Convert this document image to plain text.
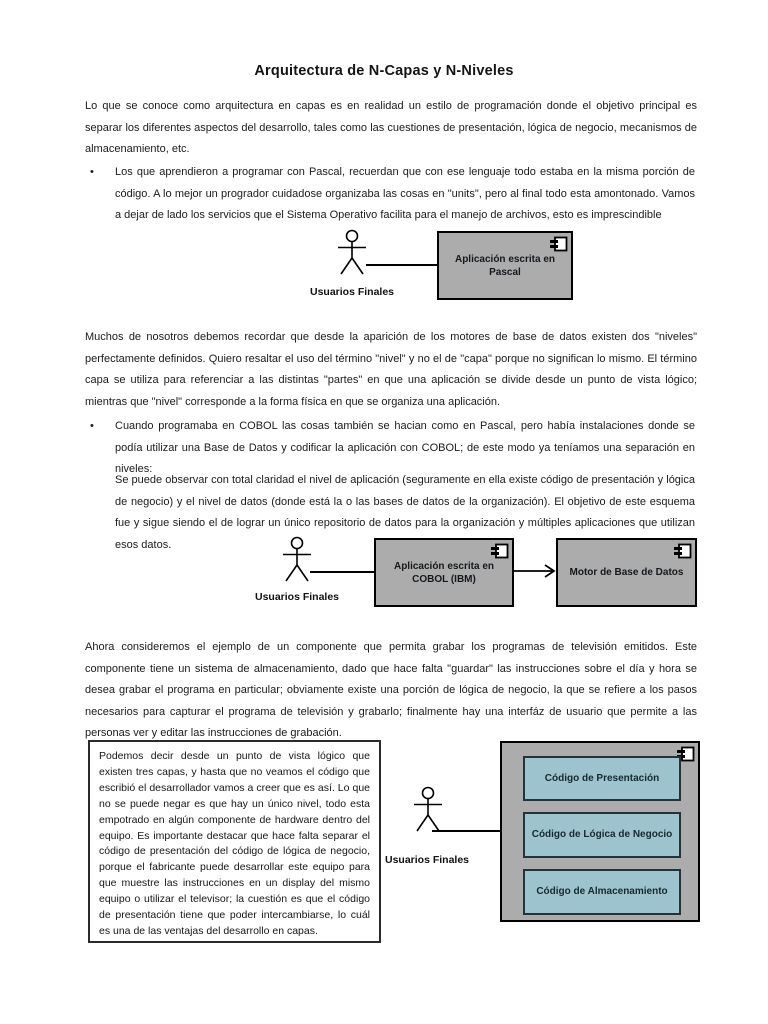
Arquitectura de N-Capas y N-Niveles
Lo que se conoce como arquitectura en capas es en realidad un estilo de programación donde el objetivo principal es separar los diferentes aspectos del desarrollo, tales como las cuestiones de presentación, lógica de negocio, mecanismos de almacenamiento, etc.
• Los que aprendieron a programar con Pascal, recuerdan que con ese lenguaje todo estaba en la misma porción de código. A lo mejor un progrador cuidadose organizaba las cosas en "units", pero al final todo esta amontonado. Vamos a dejar de lado los servicios que el Sistema Operativo facilita para el manejo de archivos, esto es imprescindible
Usuarios Finales
Aplicación escrita en Pascal
Muchos de nosotros debemos recordar que desde la aparición de los motores de base de datos existen dos "niveles" perfectamente definidos. Quiero resaltar el uso del término "nivel" y no el de "capa" porque no significan lo mismo. El término capa se utiliza para referenciar a las distintas "partes" en que una aplicación se divide desde un punto de vista lógico; mientras que "nivel" corresponde a la forma física en que se organiza una aplicación.
• Cuando programaba en COBOL las cosas también se hacian como en Pascal, pero había instalaciones donde se podía utilizar una Base de Datos y codificar la aplicación con COBOL; de este modo ya teníamos una separación en niveles:
Se puede observar con total claridad el nivel de aplicación (seguramente en ella existe código de presentación y lógica de negocio) y el nivel de datos (donde está la o las bases de datos de la organización). El objetivo de este esquema fue y sigue siendo el de lograr un único repositorio de datos para la organización y múltiples aplicaciones que utilizan esos datos.
Usuarios Finales
Aplicación escrita en COBOL (IBM)
Motor de Base de Datos
Ahora consideremos el ejemplo de un componente que permita grabar los programas de televisión emitidos. Este componente tiene un sistema de almacenamiento, dado que hace falta "guardar" las instrucciones sobre el día y hora se desea grabar el programa en particular; obviamente existe una porción de lógica de negocio, la que se refiere a los pasos necesarios para capturar el programa de televisión y grabarlo; finalmente hay una interfáz de usuario que permite a las personas ver y editar las instrucciones de grabación.
Podemos decir desde un punto de vista lógico que existen tres capas, y hasta que no veamos el código que escribió el desarrollador vamos a creer que es así. Lo que no se puede negar es que hay un único nivel, todo esta empotrado en algún componente de hardware dentro del equipo. Es importante destacar que hace falta separar el código de presentación del código de lógica de negocio, porque el fabricante puede desarrollar este equipo para que muestre las instrucciones en un display del mismo equipo o utilizar el televisor; la cuestión es que el código de presentación tiene que poder intercambiarse, lo cuál es una de las ventajas del desarrollo en capas.
Usuarios Finales
Código de Presentación
Código de Lógica de Negocio
Código de Almacenamiento
